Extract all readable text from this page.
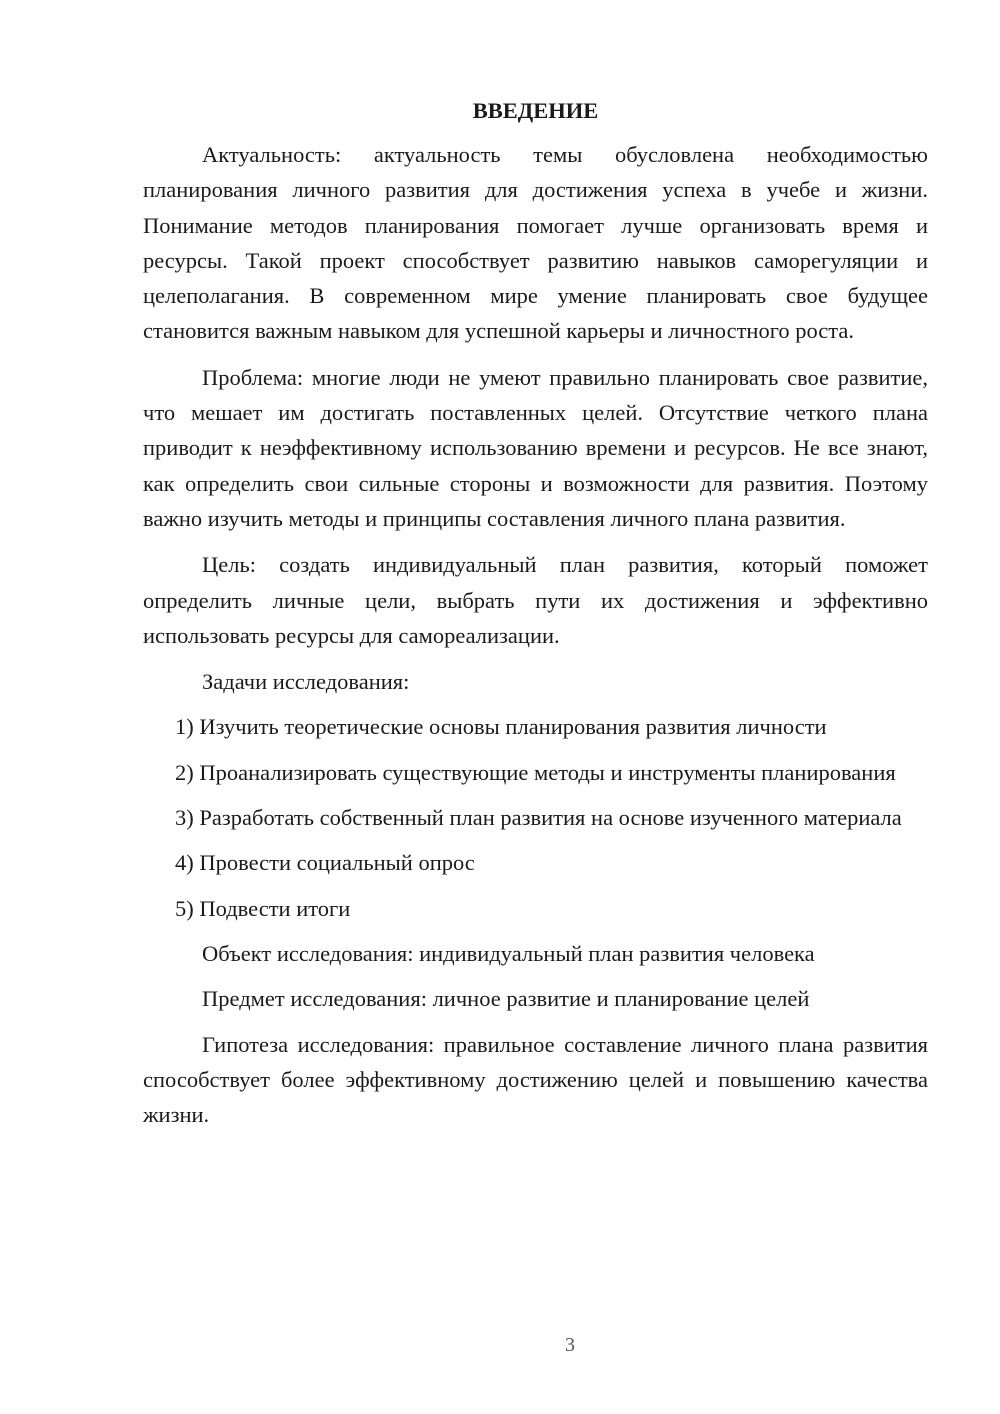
ВВЕДЕНИЕ

Актуальность: актуальность темы обусловлена необходимостью планирования личного развития для достижения успеха в учебе и жизни. Понимание методов планирования помогает лучше организовать время и ресурсы. Такой проект способствует развитию навыков саморегуляции и целеполагания. В современном мире умение планировать свое будущее становится важным навыком для успешной карьеры и личностного роста.

Проблема: многие люди не умеют правильно планировать свое развитие, что мешает им достигать поставленных целей. Отсутствие четкого плана приводит к неэффективному использованию времени и ресурсов. Не все знают, как определить свои сильные стороны и возможности для развития. Поэтому важно изучить методы и принципы составления личного плана развития.

Цель: создать индивидуальный план развития, который поможет определить личные цели, выбрать пути их достижения и эффективно использовать ресурсы для самореализации.

Задачи исследования:

1) Изучить теоретические основы планирования развития личности

2) Проанализировать существующие методы и инструменты планирования

3) Разработать собственный план развития на основе изученного материала

4) Провести социальный опрос

5) Подвести итоги

Объект исследования: индивидуальный план развития человека

Предмет исследования: личное развитие и планирование целей

Гипотеза исследования: правильное составление личного плана развития способствует более эффективному достижению целей и повышению качества жизни.

3
